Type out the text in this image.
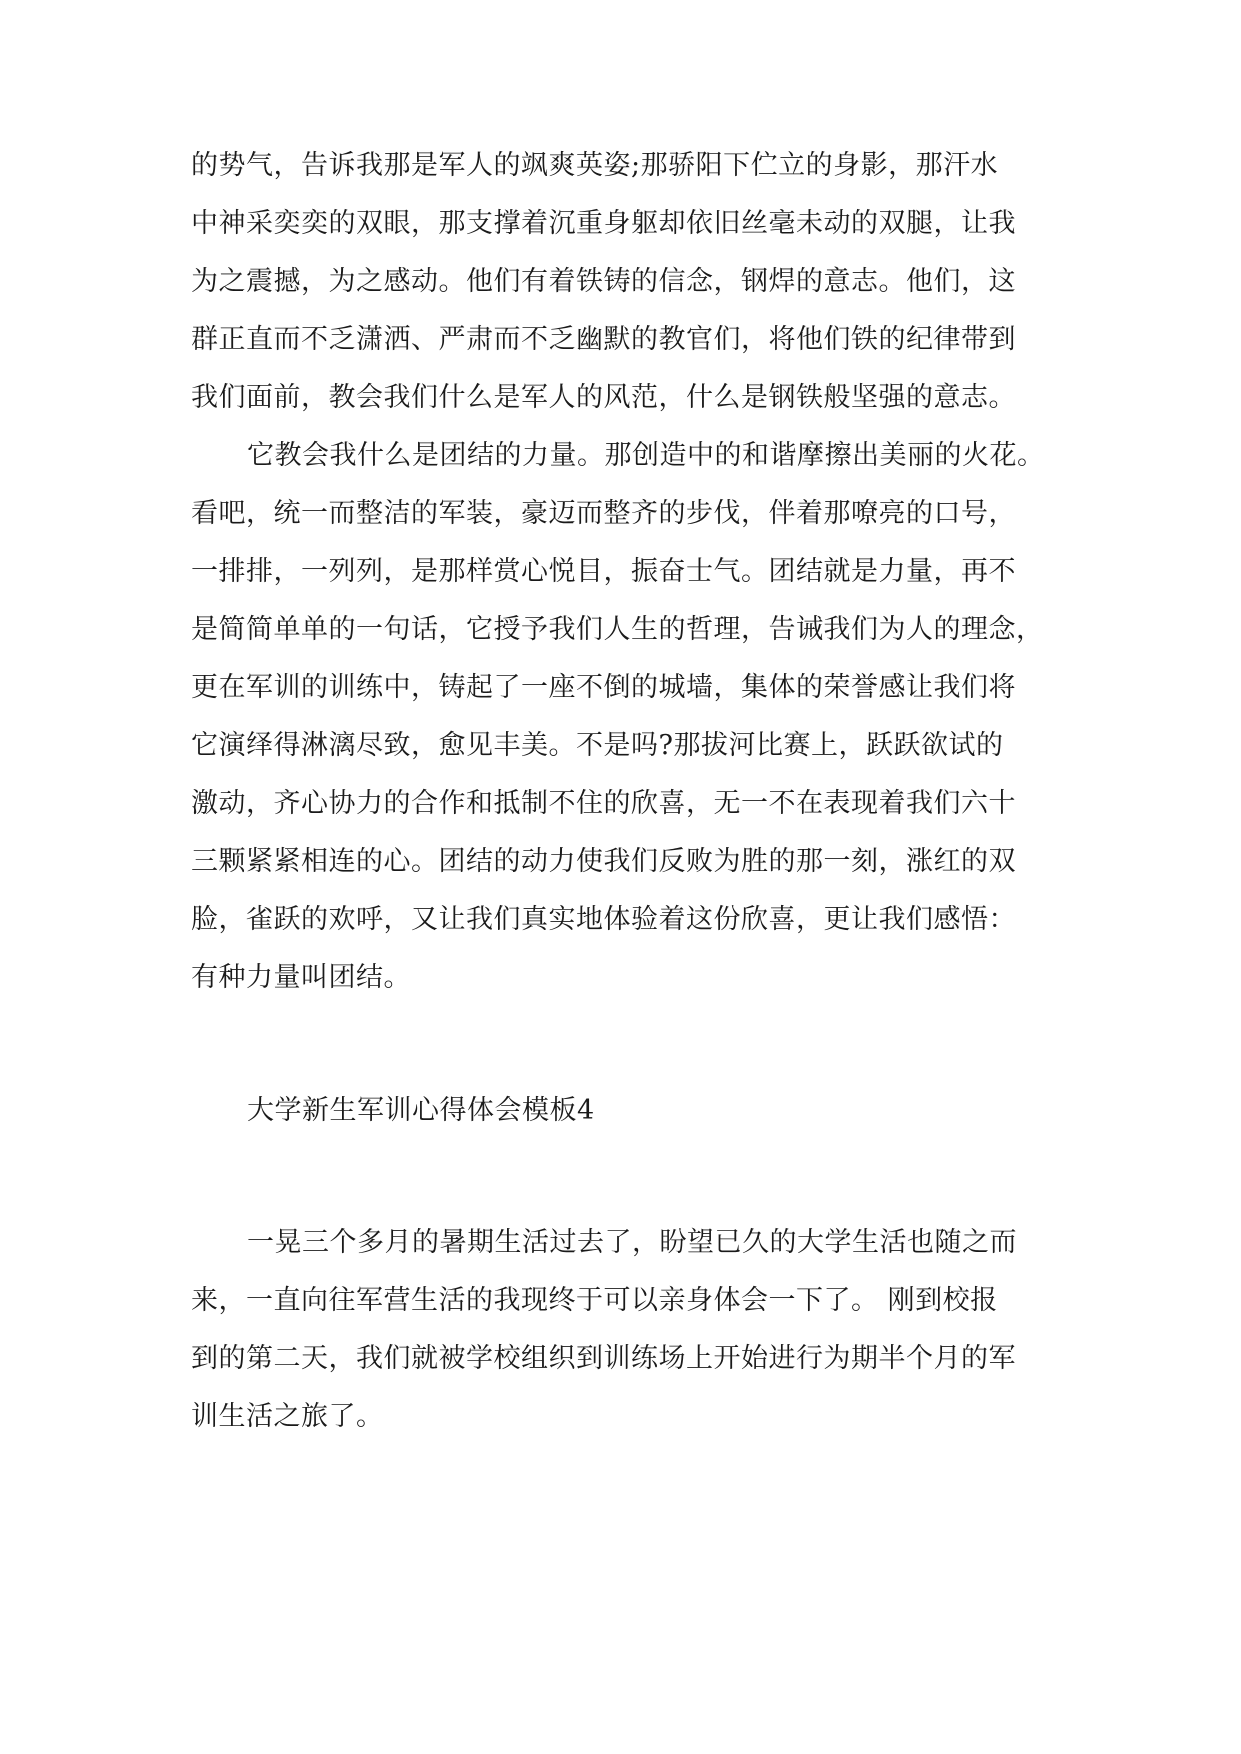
的势气，告诉我那是军人的飒爽英姿;那骄阳下伫立的身影，那汗水
中神采奕奕的双眼，那支撑着沉重身躯却依旧丝毫未动的双腿，让我
为之震撼，为之感动。他们有着铁铸的信念，钢焊的意志。他们，这
群正直而不乏潇洒、严肃而不乏幽默的教官们，将他们铁的纪律带到
我们面前，教会我们什么是军人的风范，什么是钢铁般坚强的意志。
它教会我什么是团结的力量。那创造中的和谐摩擦出美丽的火花。
看吧，统一而整洁的军装，豪迈而整齐的步伐，伴着那嘹亮的口号，
一排排，一列列，是那样赏心悦目，振奋士气。团结就是力量，再不
是简简单单的一句话，它授予我们人生的哲理，告诫我们为人的理念，
更在军训的训练中，铸起了一座不倒的城墙，集体的荣誉感让我们将
它演绎得淋漓尽致，愈见丰美。不是吗?那拔河比赛上，跃跃欲试的
激动，齐心协力的合作和抵制不住的欣喜，无一不在表现着我们六十
三颗紧紧相连的心。团结的动力使我们反败为胜的那一刻，涨红的双
脸，雀跃的欢呼，又让我们真实地体验着这份欣喜，更让我们感悟：
有种力量叫团结。
大学新生军训心得体会模板4
一晃三个多月的暑期生活过去了，盼望已久的大学生活也随之而
来，一直向往军营生活的我现终于可以亲身体会一下了。 刚到校报
到的第二天，我们就被学校组织到训练场上开始进行为期半个月的军
训生活之旅了。
